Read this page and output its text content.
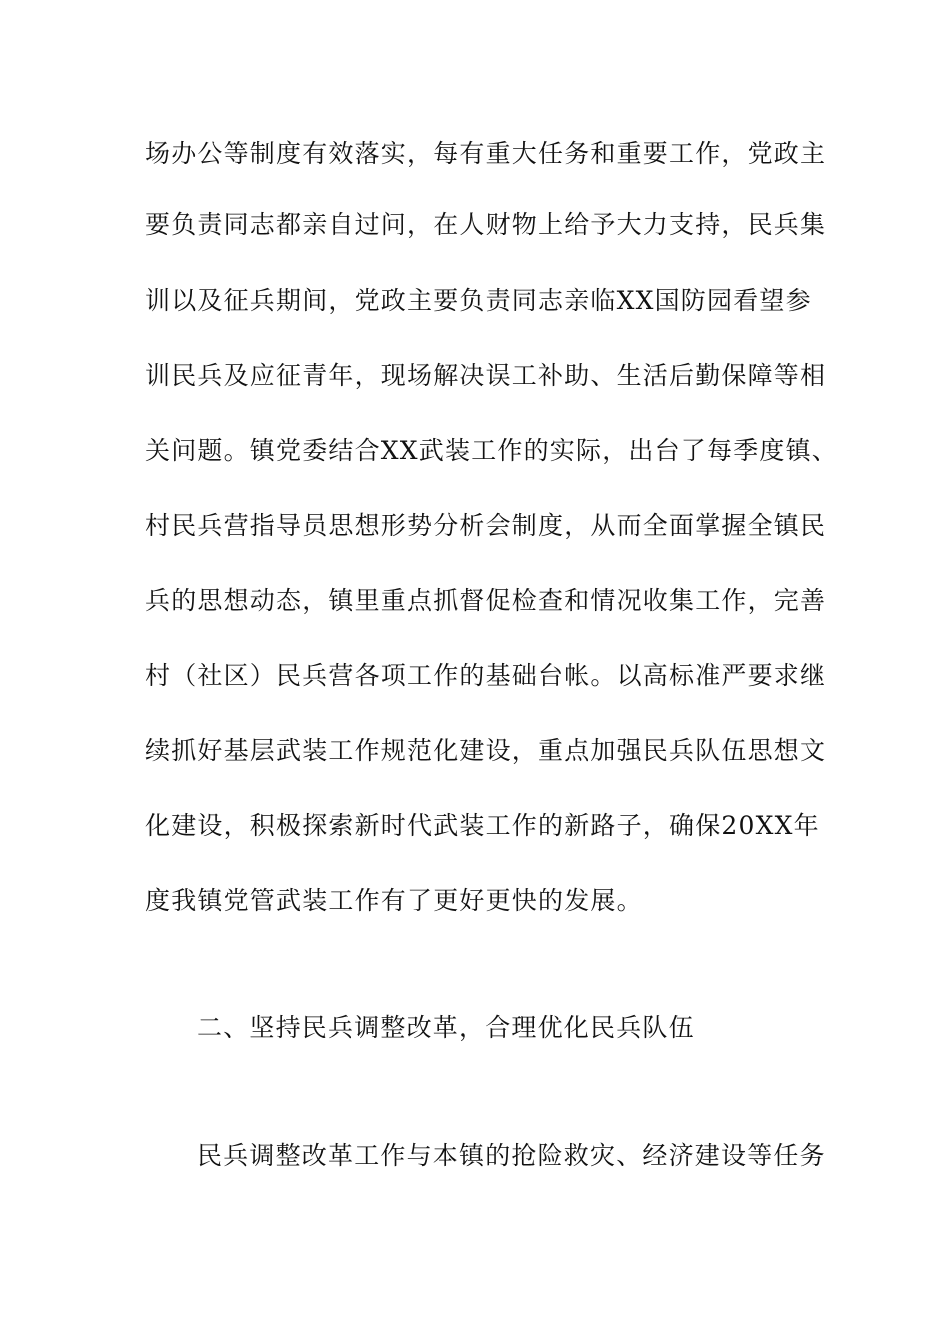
场办公等制度有效落实，每有重大任务和重要工作，党政主
要负责同志都亲自过问，在人财物上给予大力支持，民兵集
训以及征兵期间，党政主要负责同志亲临XX国防园看望参
训民兵及应征青年，现场解决误工补助、生活后勤保障等相
关问题。镇党委结合XX武装工作的实际，出台了每季度镇、
村民兵营指导员思想形势分析会制度，从而全面掌握全镇民
兵的思想动态，镇里重点抓督促检查和情况收集工作，完善
村（社区）民兵营各项工作的基础台帐。以高标准严要求继
续抓好基层武装工作规范化建设，重点加强民兵队伍思想文
化建设，积极探索新时代武装工作的新路子，确保20XX年
度我镇党管武装工作有了更好更快的发展。
二、坚持民兵调整改革，合理优化民兵队伍
民兵调整改革工作与本镇的抢险救灾、经济建设等任务
